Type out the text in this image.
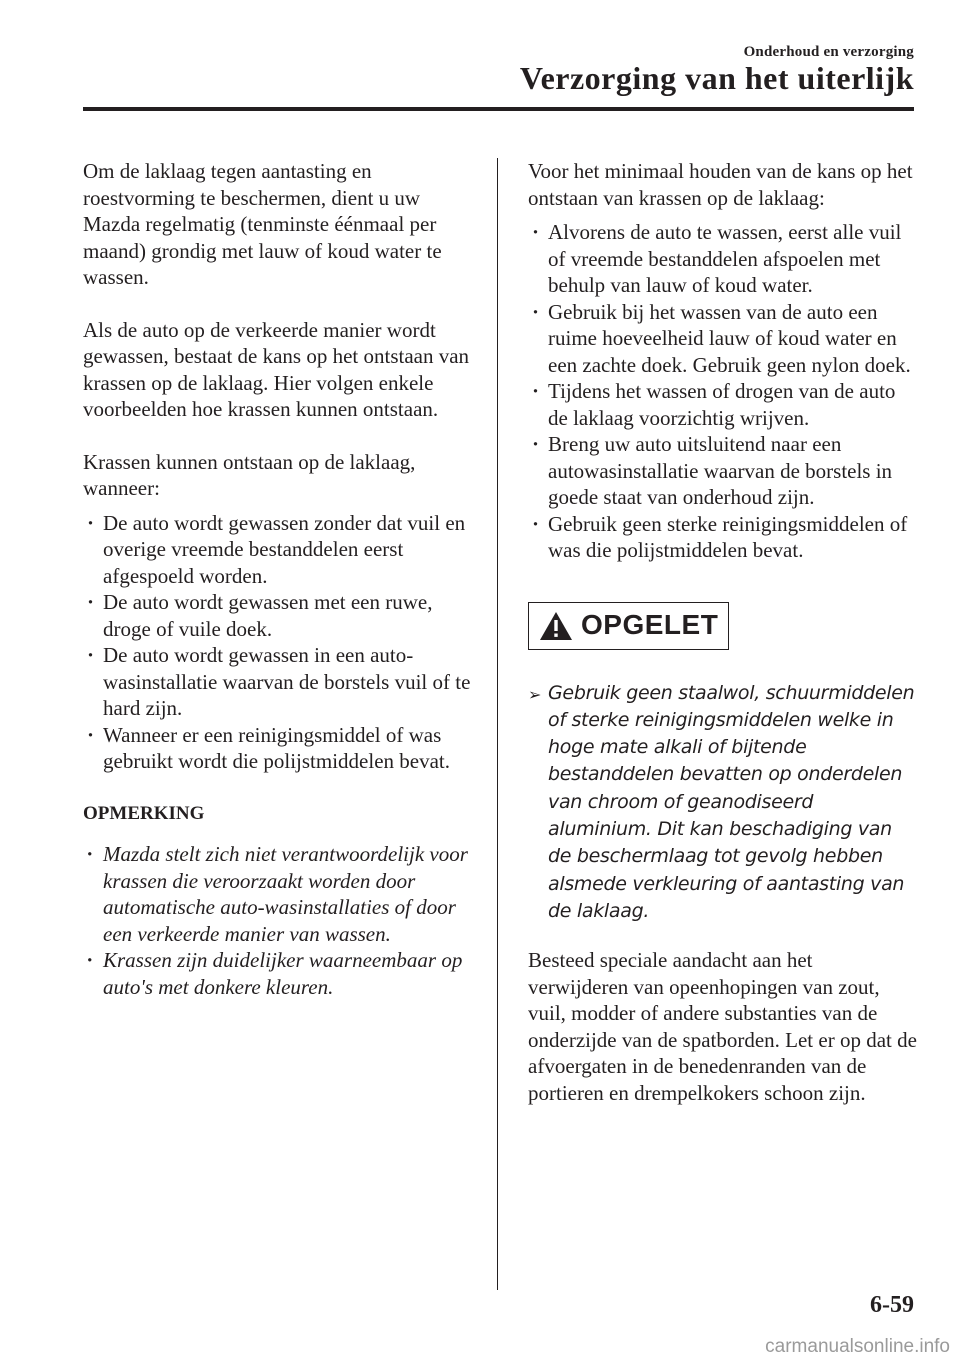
Onderhoud en verzorging
Verzorging van het uiterlijk

Om de laklaag tegen aantasting en roestvorming te beschermen, dient u uw Mazda regelmatig (tenminste éénmaal per maand) grondig met lauw of koud water te wassen.

Als de auto op de verkeerde manier wordt gewassen, bestaat de kans op het ontstaan van krassen op de laklaag. Hier volgen enkele voorbeelden hoe krassen kunnen ontstaan.

Krassen kunnen ontstaan op de laklaag, wanneer:

· De auto wordt gewassen zonder dat vuil en overige vreemde bestanddelen eerst afgespoeld worden.
· De auto wordt gewassen met een ruwe, droge of vuile doek.
· De auto wordt gewassen in een auto-wasinstallatie waarvan de borstels vuil of te hard zijn.
· Wanneer er een reinigingsmiddel of was gebruikt wordt die polijstmiddelen bevat.
OPMERKING
· Mazda stelt zich niet verantwoordelijk voor krassen die veroorzaakt worden door automatische auto-wasinstallaties of door een verkeerde manier van wassen.
· Krassen zijn duidelijker waarneembaar op auto's met donkere kleuren.

Voor het minimaal houden van de kans op het ontstaan van krassen op de laklaag:

· Alvorens de auto te wassen, eerst alle vuil of vreemde bestanddelen afspoelen met behulp van lauw of koud water.
· Gebruik bij het wassen van de auto een ruime hoeveelheid lauw of koud water en een zachte doek. Gebruik geen nylon doek.
· Tijdens het wassen of drogen van de auto de laklaag voorzichtig wrijven.
· Breng uw auto uitsluitend naar een autowasinstallatie waarvan de borstels in goede staat van onderhoud zijn.
· Gebruik geen sterke reinigingsmiddelen of was die polijstmiddelen bevat.
OPGELET
➢ Gebruik geen staalwol, schuurmiddelen of sterke reinigingsmiddelen welke in hoge mate alkali of bijtende bestanddelen bevatten op onderdelen van chroom of geanodiseerd aluminium. Dit kan beschadiging van de beschermlaag tot gevolg hebben alsmede verkleuring of aantasting van de laklaag.

Besteed speciale aandacht aan het verwijderen van opeenhopingen van zout, vuil, modder of andere substanties van de onderzijde van de spatborden. Let er op dat de afvoergaten in de benedenranden van de portieren en drempelkokers schoon zijn.

6-59
carmanualsonline.info
